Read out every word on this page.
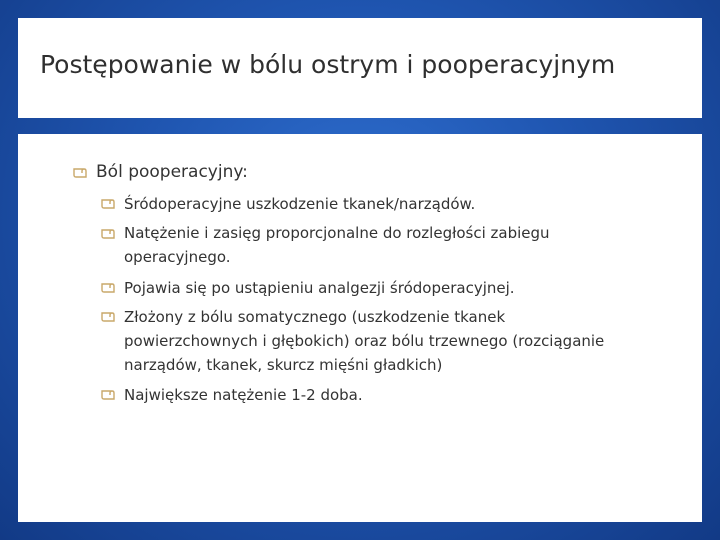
Postępowanie w bólu ostrym i pooperacyjnym
Ból pooperacyjny:
Śródoperacyjne uszkodzenie tkanek/narządów.
Natężenie i zasięg proporcjonalne do rozległości zabiegu
operacyjnego.
Pojawia się po ustąpieniu analgezji śródoperacyjnej.
Złożony z bólu somatycznego (uszkodzenie tkanek
powierzchownych i głębokich) oraz bólu trzewnego (rozciąganie
narządów, tkanek, skurcz mięśni gładkich)
Największe natężenie 1-2 doba.
